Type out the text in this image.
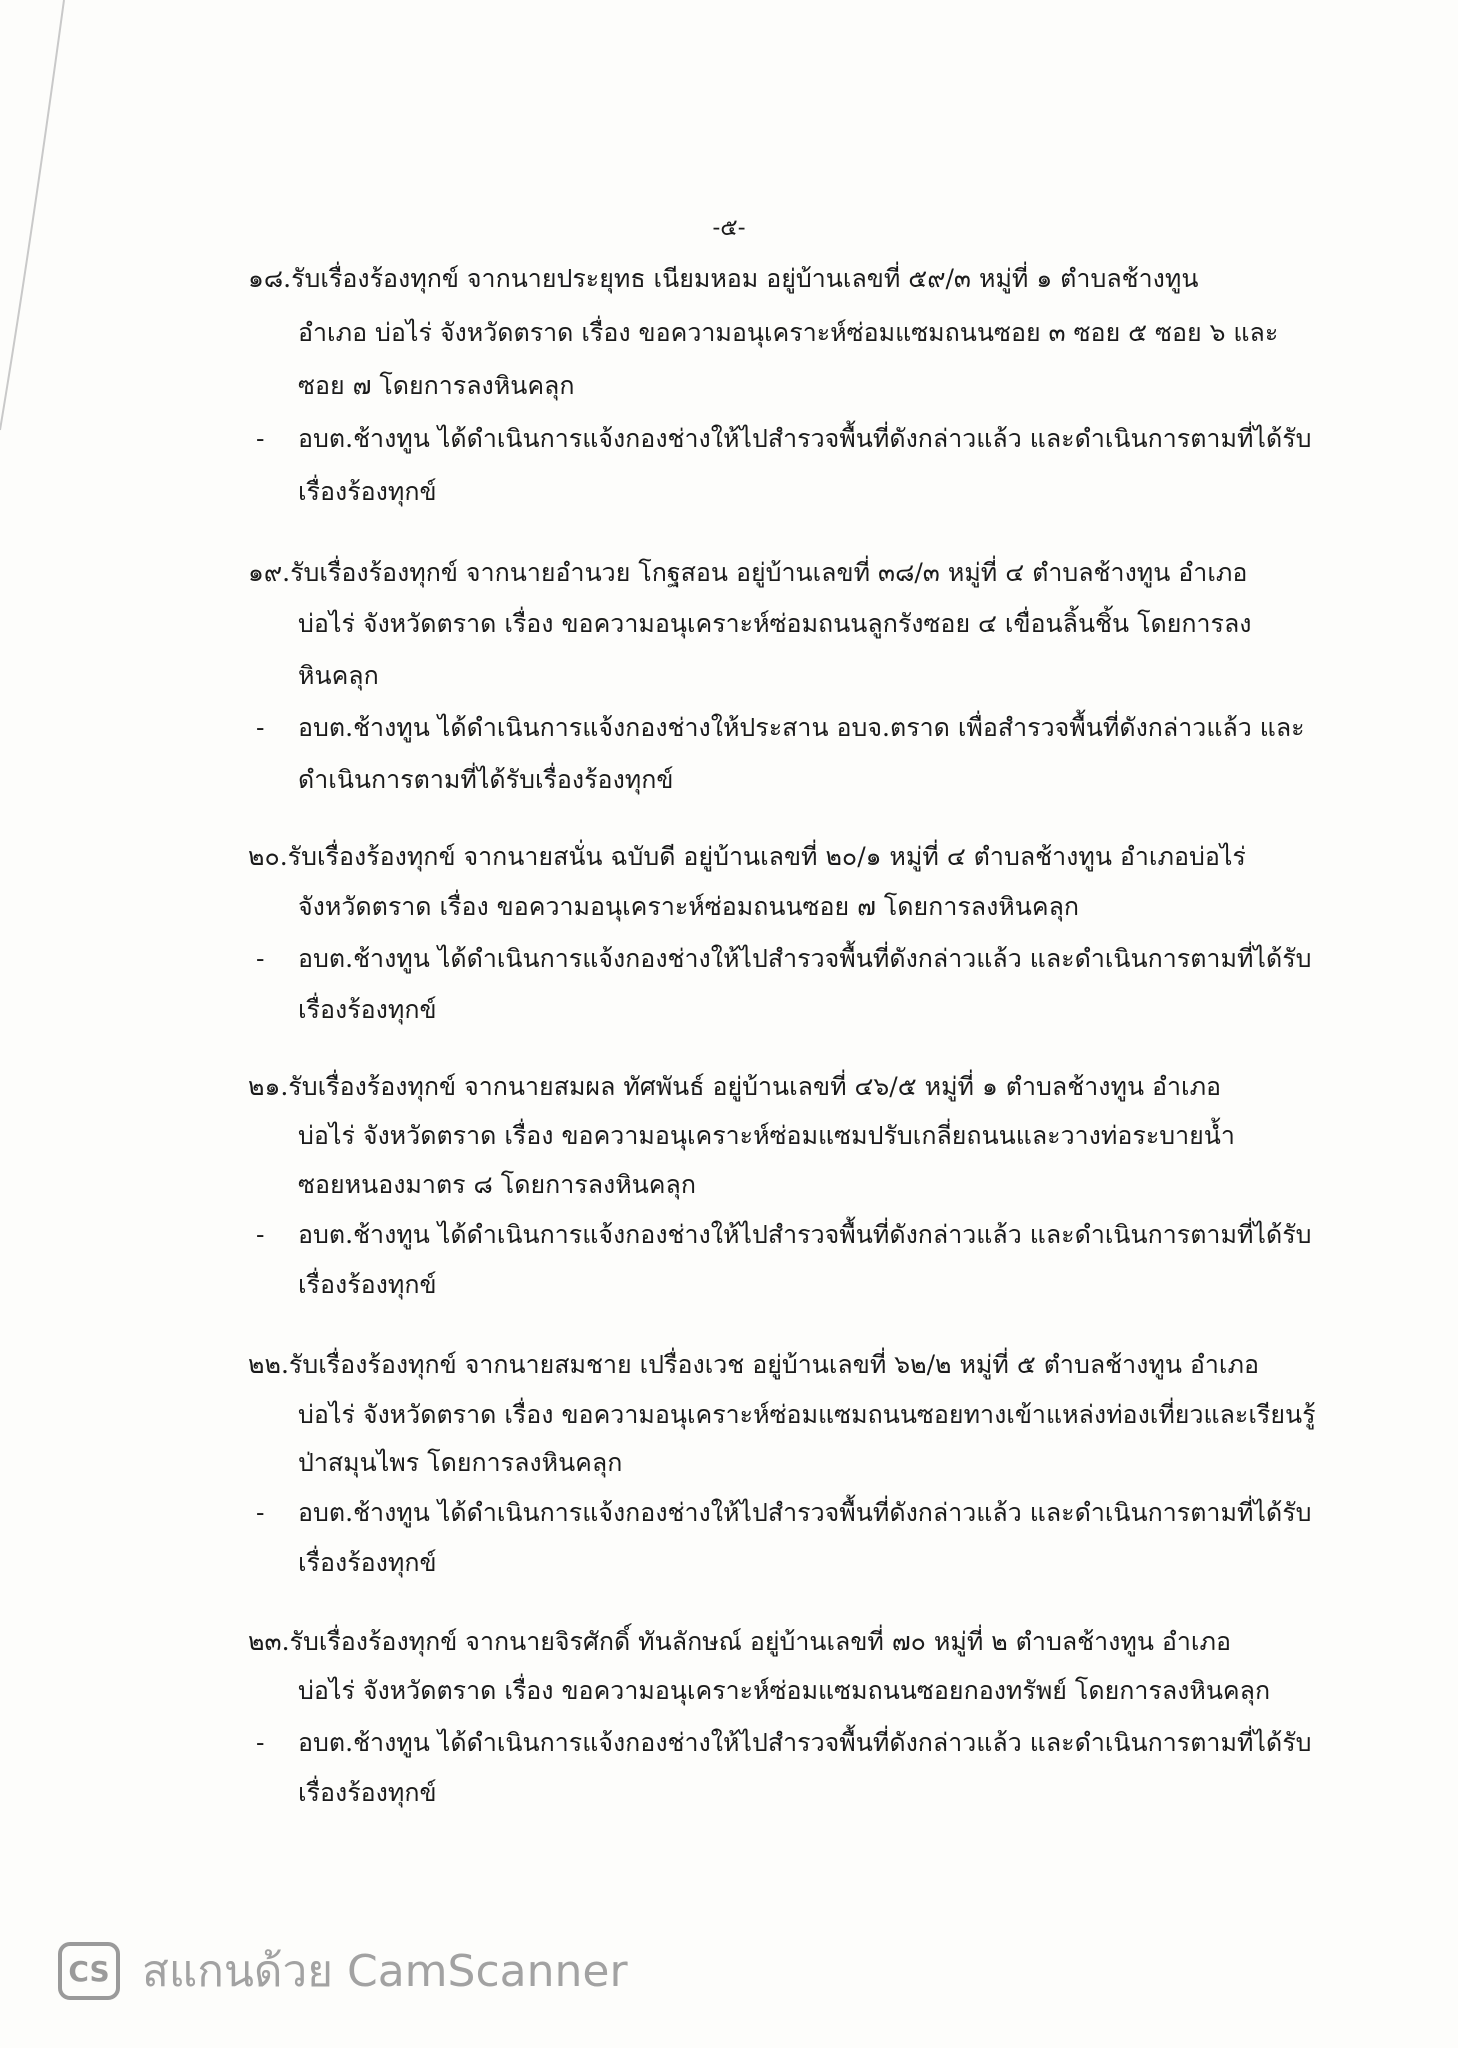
-๕-
๑๘.รับเรื่องร้องทุกข์ จากนายประยุทธ เนียมหอม อยู่บ้านเลขที่ ๕๙/๓ หมู่ที่ ๑ ตำบลช้างทูน
อำเภอ บ่อไร่ จังหวัดตราด เรื่อง ขอความอนุเคราะห์ซ่อมแซมถนนซอย ๓ ซอย ๕ ซอย ๖ และ
ซอย ๗ โดยการลงหินคลุก
- อบต.ช้างทูน ได้ดำเนินการแจ้งกองช่างให้ไปสำรวจพื้นที่ดังกล่าวแล้ว และดำเนินการตามที่ได้รับ
เรื่องร้องทุกข์
๑๙.รับเรื่องร้องทุกข์ จากนายอำนวย โกฐสอน อยู่บ้านเลขที่ ๓๘/๓ หมู่ที่ ๔ ตำบลช้างทูน อำเภอ
บ่อไร่ จังหวัดตราด เรื่อง ขอความอนุเคราะห์ซ่อมถนนลูกรังซอย ๔ เขื่อนลิ้นชิ้น โดยการลง
หินคลุก
- อบต.ช้างทูน ได้ดำเนินการแจ้งกองช่างให้ประสาน อบจ.ตราด เพื่อสำรวจพื้นที่ดังกล่าวแล้ว และ
ดำเนินการตามที่ได้รับเรื่องร้องทุกข์
๒๐.รับเรื่องร้องทุกข์ จากนายสนั่น ฉบับดี อยู่บ้านเลขที่ ๒๐/๑ หมู่ที่ ๔ ตำบลช้างทูน อำเภอบ่อไร่
จังหวัดตราด เรื่อง ขอความอนุเคราะห์ซ่อมถนนซอย ๗ โดยการลงหินคลุก
- อบต.ช้างทูน ได้ดำเนินการแจ้งกองช่างให้ไปสำรวจพื้นที่ดังกล่าวแล้ว และดำเนินการตามที่ได้รับ
เรื่องร้องทุกข์
๒๑.รับเรื่องร้องทุกข์ จากนายสมผล ทัศพันธ์ อยู่บ้านเลขที่ ๔๖/๕ หมู่ที่ ๑ ตำบลช้างทูน อำเภอ
บ่อไร่ จังหวัดตราด เรื่อง ขอความอนุเคราะห์ซ่อมแซมปรับเกลี่ยถนนและวางท่อระบายน้ำ
ซอยหนองมาตร ๘ โดยการลงหินคลุก
- อบต.ช้างทูน ได้ดำเนินการแจ้งกองช่างให้ไปสำรวจพื้นที่ดังกล่าวแล้ว และดำเนินการตามที่ได้รับ
เรื่องร้องทุกข์
๒๒.รับเรื่องร้องทุกข์ จากนายสมชาย เปรื่องเวช อยู่บ้านเลขที่ ๖๒/๒ หมู่ที่ ๕ ตำบลช้างทูน อำเภอ
บ่อไร่ จังหวัดตราด เรื่อง ขอความอนุเคราะห์ซ่อมแซมถนนซอยทางเข้าแหล่งท่องเที่ยวและเรียนรู้
ป่าสมุนไพร โดยการลงหินคลุก
- อบต.ช้างทูน ได้ดำเนินการแจ้งกองช่างให้ไปสำรวจพื้นที่ดังกล่าวแล้ว และดำเนินการตามที่ได้รับ
เรื่องร้องทุกข์
๒๓.รับเรื่องร้องทุกข์ จากนายจิรศักดิ์ ทันลักษณ์ อยู่บ้านเลขที่ ๗๐ หมู่ที่ ๒ ตำบลช้างทูน อำเภอ
บ่อไร่ จังหวัดตราด เรื่อง ขอความอนุเคราะห์ซ่อมแซมถนนซอยกองทรัพย์ โดยการลงหินคลุก
- อบต.ช้างทูน ได้ดำเนินการแจ้งกองช่างให้ไปสำรวจพื้นที่ดังกล่าวแล้ว และดำเนินการตามที่ได้รับ
เรื่องร้องทุกข์
CS สแกนด้วย CamScanner
